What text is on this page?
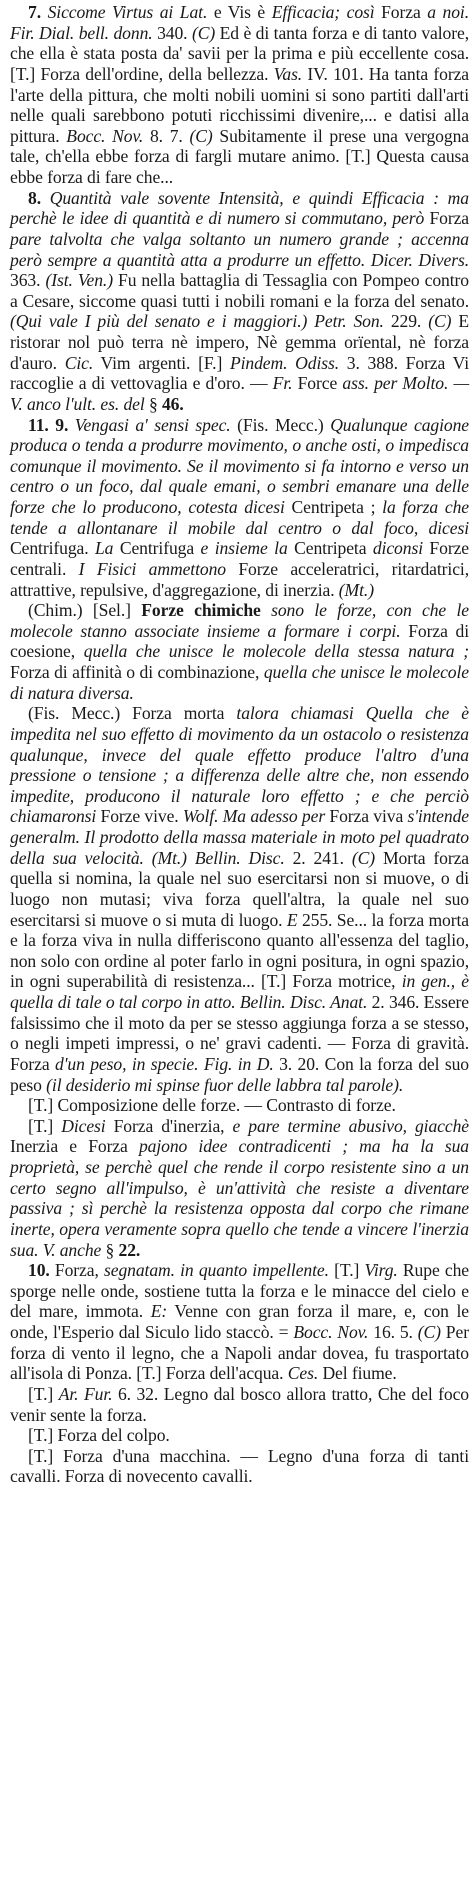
7. Siccome Virtus ai Lat. e Vis è Efficacia; così Forza a noi. Fir. Dial. bell. donn. 340. (C) Ed è di tanta forza e di tanto valore, che ella è stata posta da' savii per la prima e più eccellente cosa. [T.] Forza dell'ordine, della bellezza. Vas. IV. 101. Ha tanta forza l'arte della pittura, che molti nobili uomini si sono partiti dall'arti nelle quali sarebbono potuti ricchissimi divenire,... e datisi alla pittura. Bocc. Nov. 8. 7. (C) Subitamente il prese una vergogna tale, ch'ella ebbe forza di fargli mutare animo. [T.] Questa causa ebbe forza di fare che...

8. Quantità vale sovente Intensità, e quindi Efficacia : ma perchè le idee di quantità e di numero si commutano, però Forza pare talvolta che valga soltanto un numero grande ; accenna però sempre a quantità atta a produrre un effetto. Dicer. Divers. 363. (Ist. Ven.) Fu nella battaglia di Tessaglia con Pompeo contro a Cesare, siccome quasi tutti i nobili romani e la forza del senato. (Qui vale I più del senato e i maggiori.) Petr. Son. 229. (C) E ristorar nol può terra nè impero, Nè gemma orïental, nè forza d'auro. Cic. Vim argenti. [F.] Pindem. Odiss. 3. 388. Forza Vi raccoglie a di vettovaglia e d'oro. — Fr. Force ass. per Molto. — V. anco l'ult. es. del § 46.

11. 9. Vengasi a' sensi spec. (Fis. Mecc.) Qualunque cagione produca o tenda a produrre movimento, o anche osti, o impedisca comunque il movimento. Se il movimento si fa intorno e verso un centro o un foco, dal quale emani, o sembri emanare una delle forze che lo producono, cotesta dicesi Centripeta ; la forza che tende a allontanare il mobile dal centro o dal foco, dicesi Centrifuga. La Centrifuga e insieme la Centripeta diconsi Forze centrali. I Fisici ammettono Forze acceleratrici, ritardatrici, attrattive, repulsive, d'aggregazione, di inerzia. (Mt.)

(Chim.) [Sel.] Forze chimiche sono le forze, con che le molecole stanno associate insieme a formare i corpi. Forza di coesione, quella che unisce le molecole della stessa natura ; Forza di affinità o di combinazione, quella che unisce le molecole di natura diversa.

(Fis. Mecc.) Forza morta talora chiamasi Quella che è impedita nel suo effetto di movimento da un ostacolo o resistenza qualunque, invece del quale effetto produce l'altro d'una pressione o tensione ; a differenza delle altre che, non essendo impedite, producono il naturale loro effetto ; e che perciò chiamaronsi Forze vive. Wolf. Ma adesso per Forza viva s'intende generalm. Il prodotto della massa materiale in moto pel quadrato della sua velocità. (Mt.) Bellin. Disc. 2. 241. (C) Morta forza quella si nomina, la quale nel suo esercitarsi non si muove, o di luogo non mutasi; viva forza quell'altra, la quale nel suo esercitarsi si muove o si muta di luogo. E 255. Se... la forza morta e la forza viva in nulla differiscono quanto all'essenza del taglio, non solo con ordine al poter farlo in ogni positura, in ogni spazio, in ogni superabilità di resistenza... [T.] Forza motrice, in gen., è quella di tale o tal corpo in atto. Bellin. Disc. Anat. 2. 346. Essere falsissimo che il moto da per se stesso aggiunga forza a se stesso, o negli impeti impressi, o ne' gravi cadenti. — Forza di gravità. Forza d'un peso, in specie. Fig. in D. 3. 20. Con la forza del suo peso (il desiderio mi spinse fuor delle labbra tal parole).

[T.] Composizione delle forze. — Contrasto di forze.

[T.] Dicesi Forza d'inerzia, e pare termine abusivo, giacchè Inerzia e Forza pajono idee contradicenti ; ma ha la sua proprietà, se perchè quel che rende il corpo resistente sino a un certo segno all'impulso, è un'attività che resiste a diventare passiva ; sì perchè la resistenza opposta dal corpo che rimane inerte, opera veramente sopra quello che tende a vincere l'inerzia sua. V. anche § 22.

10. Forza, segnatam. in quanto impellente. [T.] Virg. Rupe che sporge nelle onde, sostiene tutta la forza e le minacce del cielo e del mare, immota. E: Venne con gran forza il mare, e, con le onde, l'Esperio dal Siculo lido staccò. = Bocc. Nov. 16. 5. (C) Per forza di vento il legno, che a Napoli andar dovea, fu trasportato all'isola di Ponza. [T.] Forza dell'acqua. Ces. Del fiume.

[T.] Ar. Fur. 6. 32. Legno dal bosco allora tratto, Che del foco venir sente la forza.

[T.] Forza del colpo.

[T.] Forza d'una macchina. — Legno d'una forza di tanti cavalli. Forza di novecento cavalli.
